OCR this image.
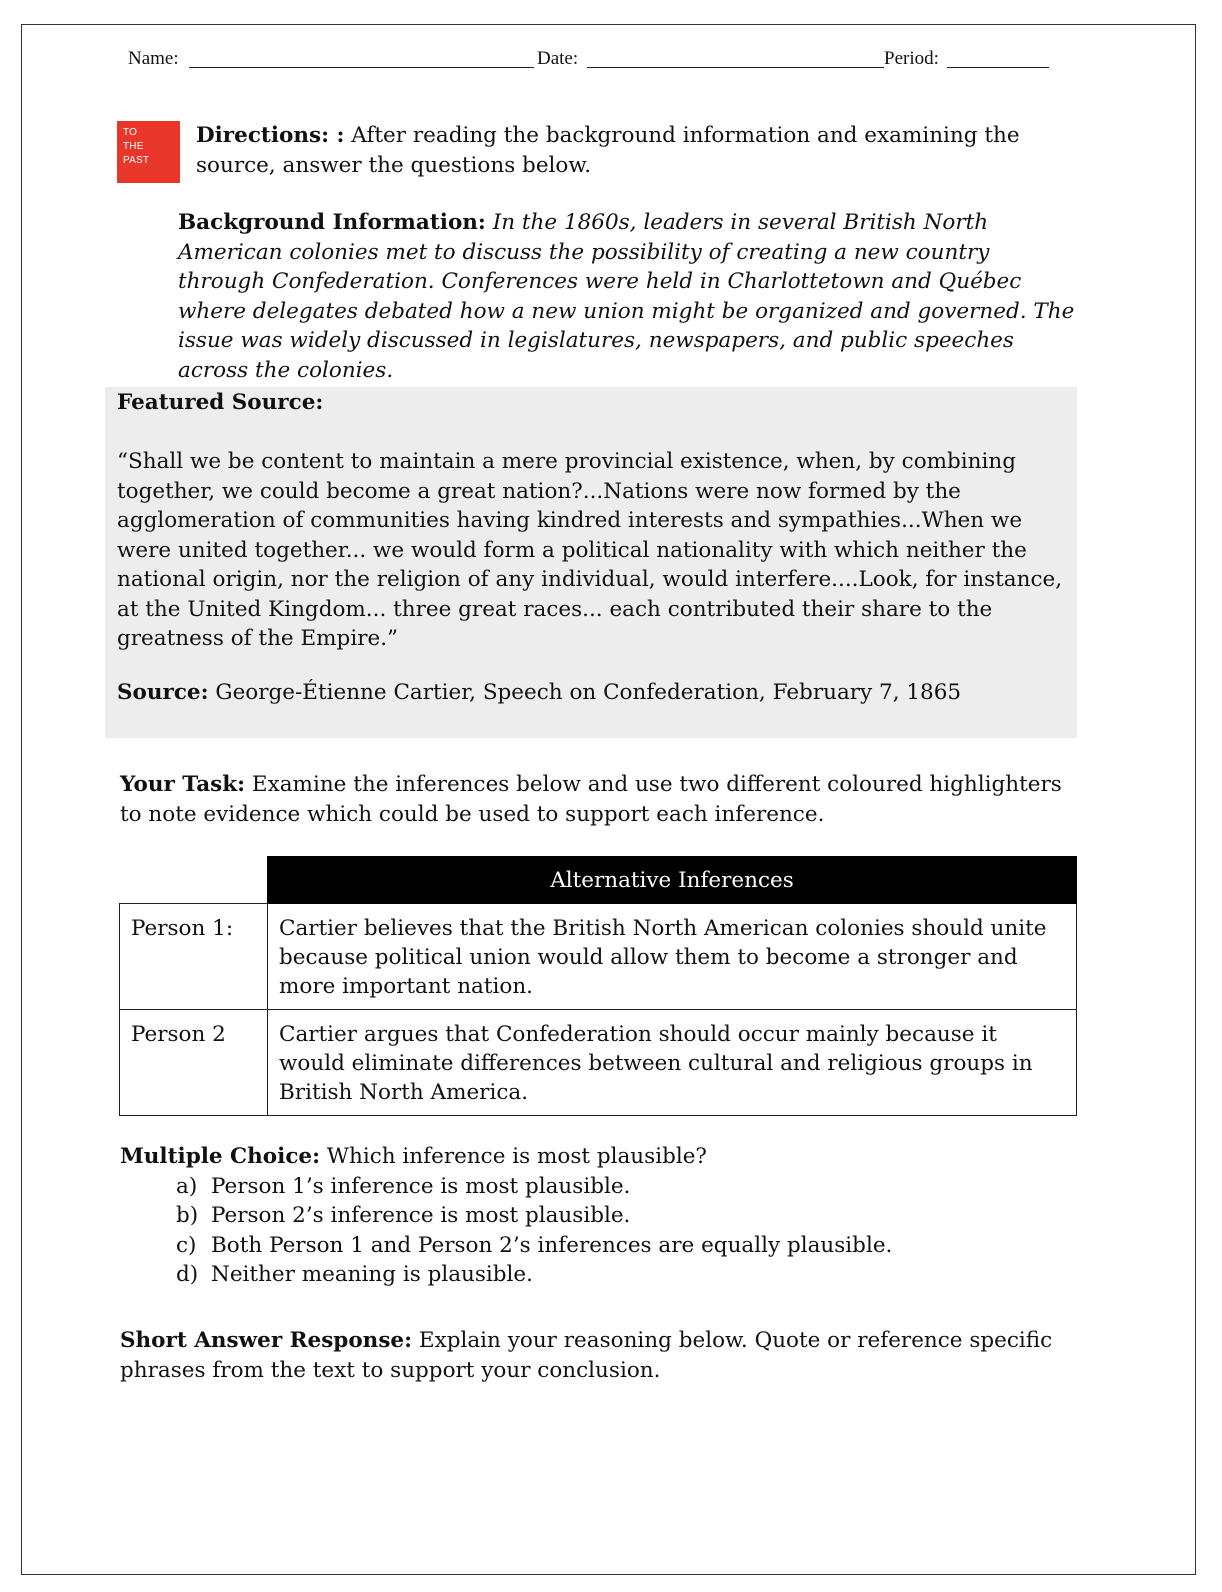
Name:	Date:	Period:
TO
THE
PAST
Directions: : After reading the background information and examining the source, answer the questions below.
Background Information: In the 1860s, leaders in several British North American colonies met to discuss the possibility of creating a new country through Confederation. Conferences were held in Charlottetown and Québec where delegates debated how a new union might be organized and governed. The issue was widely discussed in legislatures, newspapers, and public speeches across the colonies.
Featured Source:
“Shall we be content to maintain a mere provincial existence, when, by combining together, we could become a great nation?...Nations were now formed by the agglomeration of communities having kindred interests and sympathies...When we were united together... we would form a political nationality with which neither the national origin, nor the religion of any individual, would interfere....Look, for instance, at the United Kingdom... three great races... each contributed their share to the greatness of the Empire.”
Source: George-Étienne Cartier, Speech on Confederation, February 7, 1865
Your Task: Examine the inferences below and use two different coloured highlighters to note evidence which could be used to support each inference.
	Alternative Inferences
Person 1:	Cartier believes that the British North American colonies should unite because political union would allow them to become a stronger and more important nation.
Person 2	Cartier argues that Confederation should occur mainly because it would eliminate differences between cultural and religious groups in British North America.
Multiple Choice: Which inference is most plausible?
a) Person 1’s inference is most plausible.
b) Person 2’s inference is most plausible.
c) Both Person 1 and Person 2’s inferences are equally plausible.
d) Neither meaning is plausible.
Short Answer Response: Explain your reasoning below. Quote or reference specific phrases from the text to support your conclusion.
